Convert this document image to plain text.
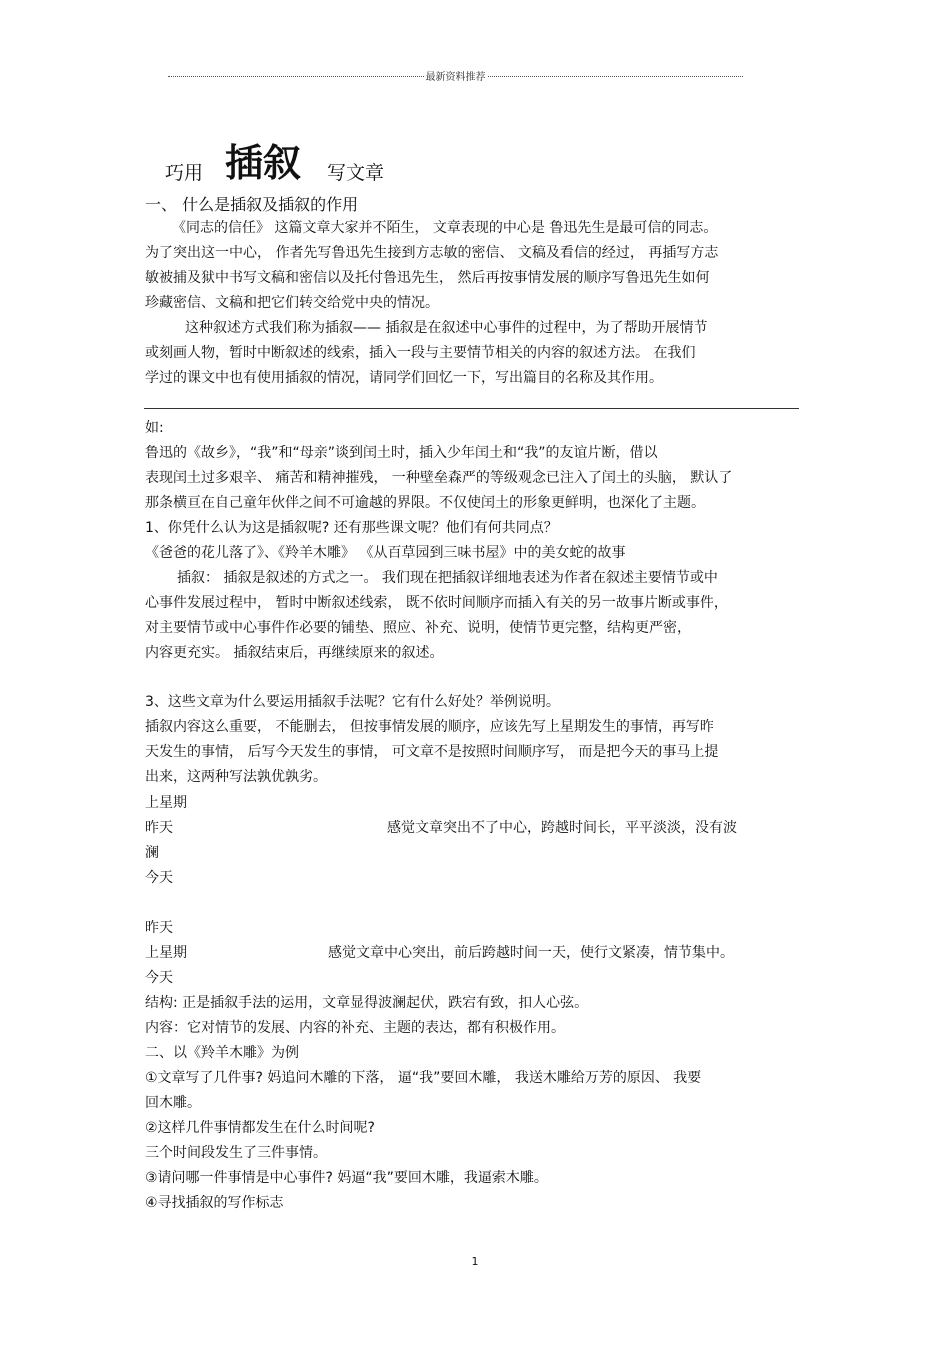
最新资料推荐
巧用 插叙 写文章
一、 什么是插叙及插叙的作用
《同志的信任》 这篇文章大家并不陌生， 文章表现的中心是 鲁迅先生是最可信的同志。
为了突出这一中心， 作者先写鲁迅先生接到方志敏的密信、 文稿及看信的经过， 再插写方志
敏被捕及狱中书写文稿和密信以及托付鲁迅先生， 然后再按事情发展的顺序写鲁迅先生如何
珍藏密信、文稿和把它们转交给党中央的情况。
这种叙述方式我们称为插叙—— 插叙是在叙述中心事件的过程中，为了帮助开展情节
或刻画人物，暂时中断叙述的线索，插入一段与主要情节相关的内容的叙述方法。 在我们
学过的课文中也有使用插叙的情况，请同学们回忆一下，写出篇目的名称及其作用。
如:
鲁迅的《故乡》，“我”和“母亲”谈到闰土时，插入少年闰土和“我”的友谊片断，借以
表现闰土过多艰辛、 痛苦和精神摧残， 一种壁垒森严的等级观念已注入了闰土的头脑， 默认了
那条横亘在自己童年伙伴之间不可逾越的界限。不仅使闰土的形象更鲜明，也深化了主题。
1、你凭什么认为这是插叙呢? 还有那些课文呢？他们有何共同点？
《爸爸的花儿落了》、《羚羊木雕》 《从百草园到三味书屋》中的美女蛇的故事
插叙： 插叙是叙述的方式之一。 我们现在把插叙详细地表述为作者在叙述主要情节或中
心事件发展过程中， 暂时中断叙述线索， 既不依时间顺序而插入有关的另一故事片断或事件，
对主要情节或中心事件作必要的铺垫、照应、补充、说明，使情节更完整，结构更严密，
内容更充实。 插叙结束后，再继续原来的叙述。
3、这些文章为什么要运用插叙手法呢？它有什么好处？举例说明。
插叙内容这么重要， 不能删去， 但按事情发展的顺序，应该先写上星期发生的事情，再写昨
天发生的事情， 后写今天发生的事情， 可文章不是按照时间顺序写， 而是把今天的事马上提
出来，这两种写法孰优孰劣。
上星期
昨天	感觉文章突出不了中心，跨越时间长，平平淡淡，没有波
澜
今天
昨天
上星期	感觉文章中心突出，前后跨越时间一天，使行文紧凑，情节集中。
今天
结构: 正是插叙手法的运用，文章显得波澜起伏，跌宕有致，扣人心弦。
内容：它对情节的发展、内容的补充、主题的表达，都有积极作用。
二、以《羚羊木雕》为例
①文章写了几件事? 妈追问木雕的下落， 逼“我”要回木雕， 我送木雕给万芳的原因、 我要
回木雕。
②这样几件事情都发生在什么时间呢?
三个时间段发生了三件事情。
③请问哪一件事情是中心事件? 妈逼“我”要回木雕，我逼索木雕。
④寻找插叙的写作标志
1
